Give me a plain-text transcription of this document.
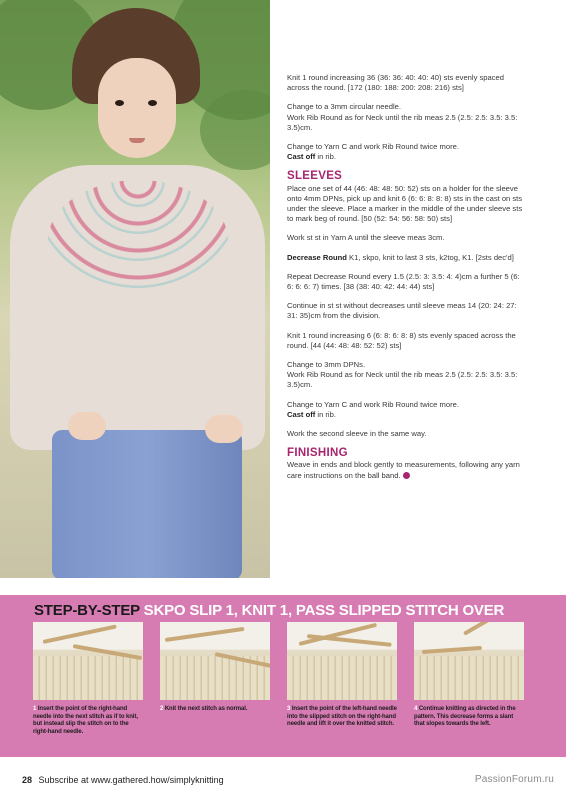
Knit 1 round increasing 36 (36: 36: 40: 40: 40) sts evenly spaced across the round. [172 (180: 188: 200: 208: 216) sts]

Change to a 3mm circular needle.
Work Rib Round as for Neck until the rib meas 2.5 (2.5: 2.5: 3.5: 3.5: 3.5)cm.

Change to Yarn C and work Rib Round twice more.
Cast off in rib.

SLEEVES

Place one set of 44 (46: 48: 48: 50: 52) sts on a holder for the sleeve onto 4mm DPNs, pick up and knit 6 (6: 6: 8: 8: 8) sts in the cast on sts under the sleeve. Place a marker in the middle of the under sleeve sts to mark beg of round. [50 (52: 54: 56: 58: 50) sts]

Work st st in Yarn A until the sleeve meas 3cm.

Decrease Round K1, skpo, knit to last 3 sts, k2tog, K1. [2sts dec'd]

Repeat Decrease Round every 1.5 (2.5: 3: 3.5: 4: 4)cm a further 5 (6: 6: 6: 6: 7) times. [38 (38: 40: 42: 44: 44) sts]

Continue in st st without decreases until sleeve meas 14 (20: 24: 27: 31: 35)cm from the division.

Knit 1 round increasing 6 (6: 8: 6: 8: 8) sts evenly spaced across the round. [44 (44: 48: 48: 52: 52) sts]

Change to 3mm DPNs.
Work Rib Round as for Neck until the rib meas 2.5 (2.5: 2.5: 3.5: 3.5: 3.5)cm.

Change to Yarn C and work Rib Round twice more.
Cast off in rib.

Work the second sleeve in the same way.

FINISHING

Weave in ends and block gently to measurements, following any yarn care instructions on the ball band.

STEP-BY-STEP SKPO SLIP 1, KNIT 1, PASS SLIPPED STITCH OVER
1 Insert the point of the right-hand needle into the next stitch as if to knit, but instead slip the stitch on to the right-hand needle.
2 Knit the next stitch as normal.	3 Insert the point of the left-hand needle into the slipped stitch on the right-hand needle and lift it over the knitted stitch.
4 Continue knitting as directed in the pattern. This decrease forms a slant that slopes towards the left.
28 Subscribe at www.gathered.how/simplyknitting	PassionForum.ru
